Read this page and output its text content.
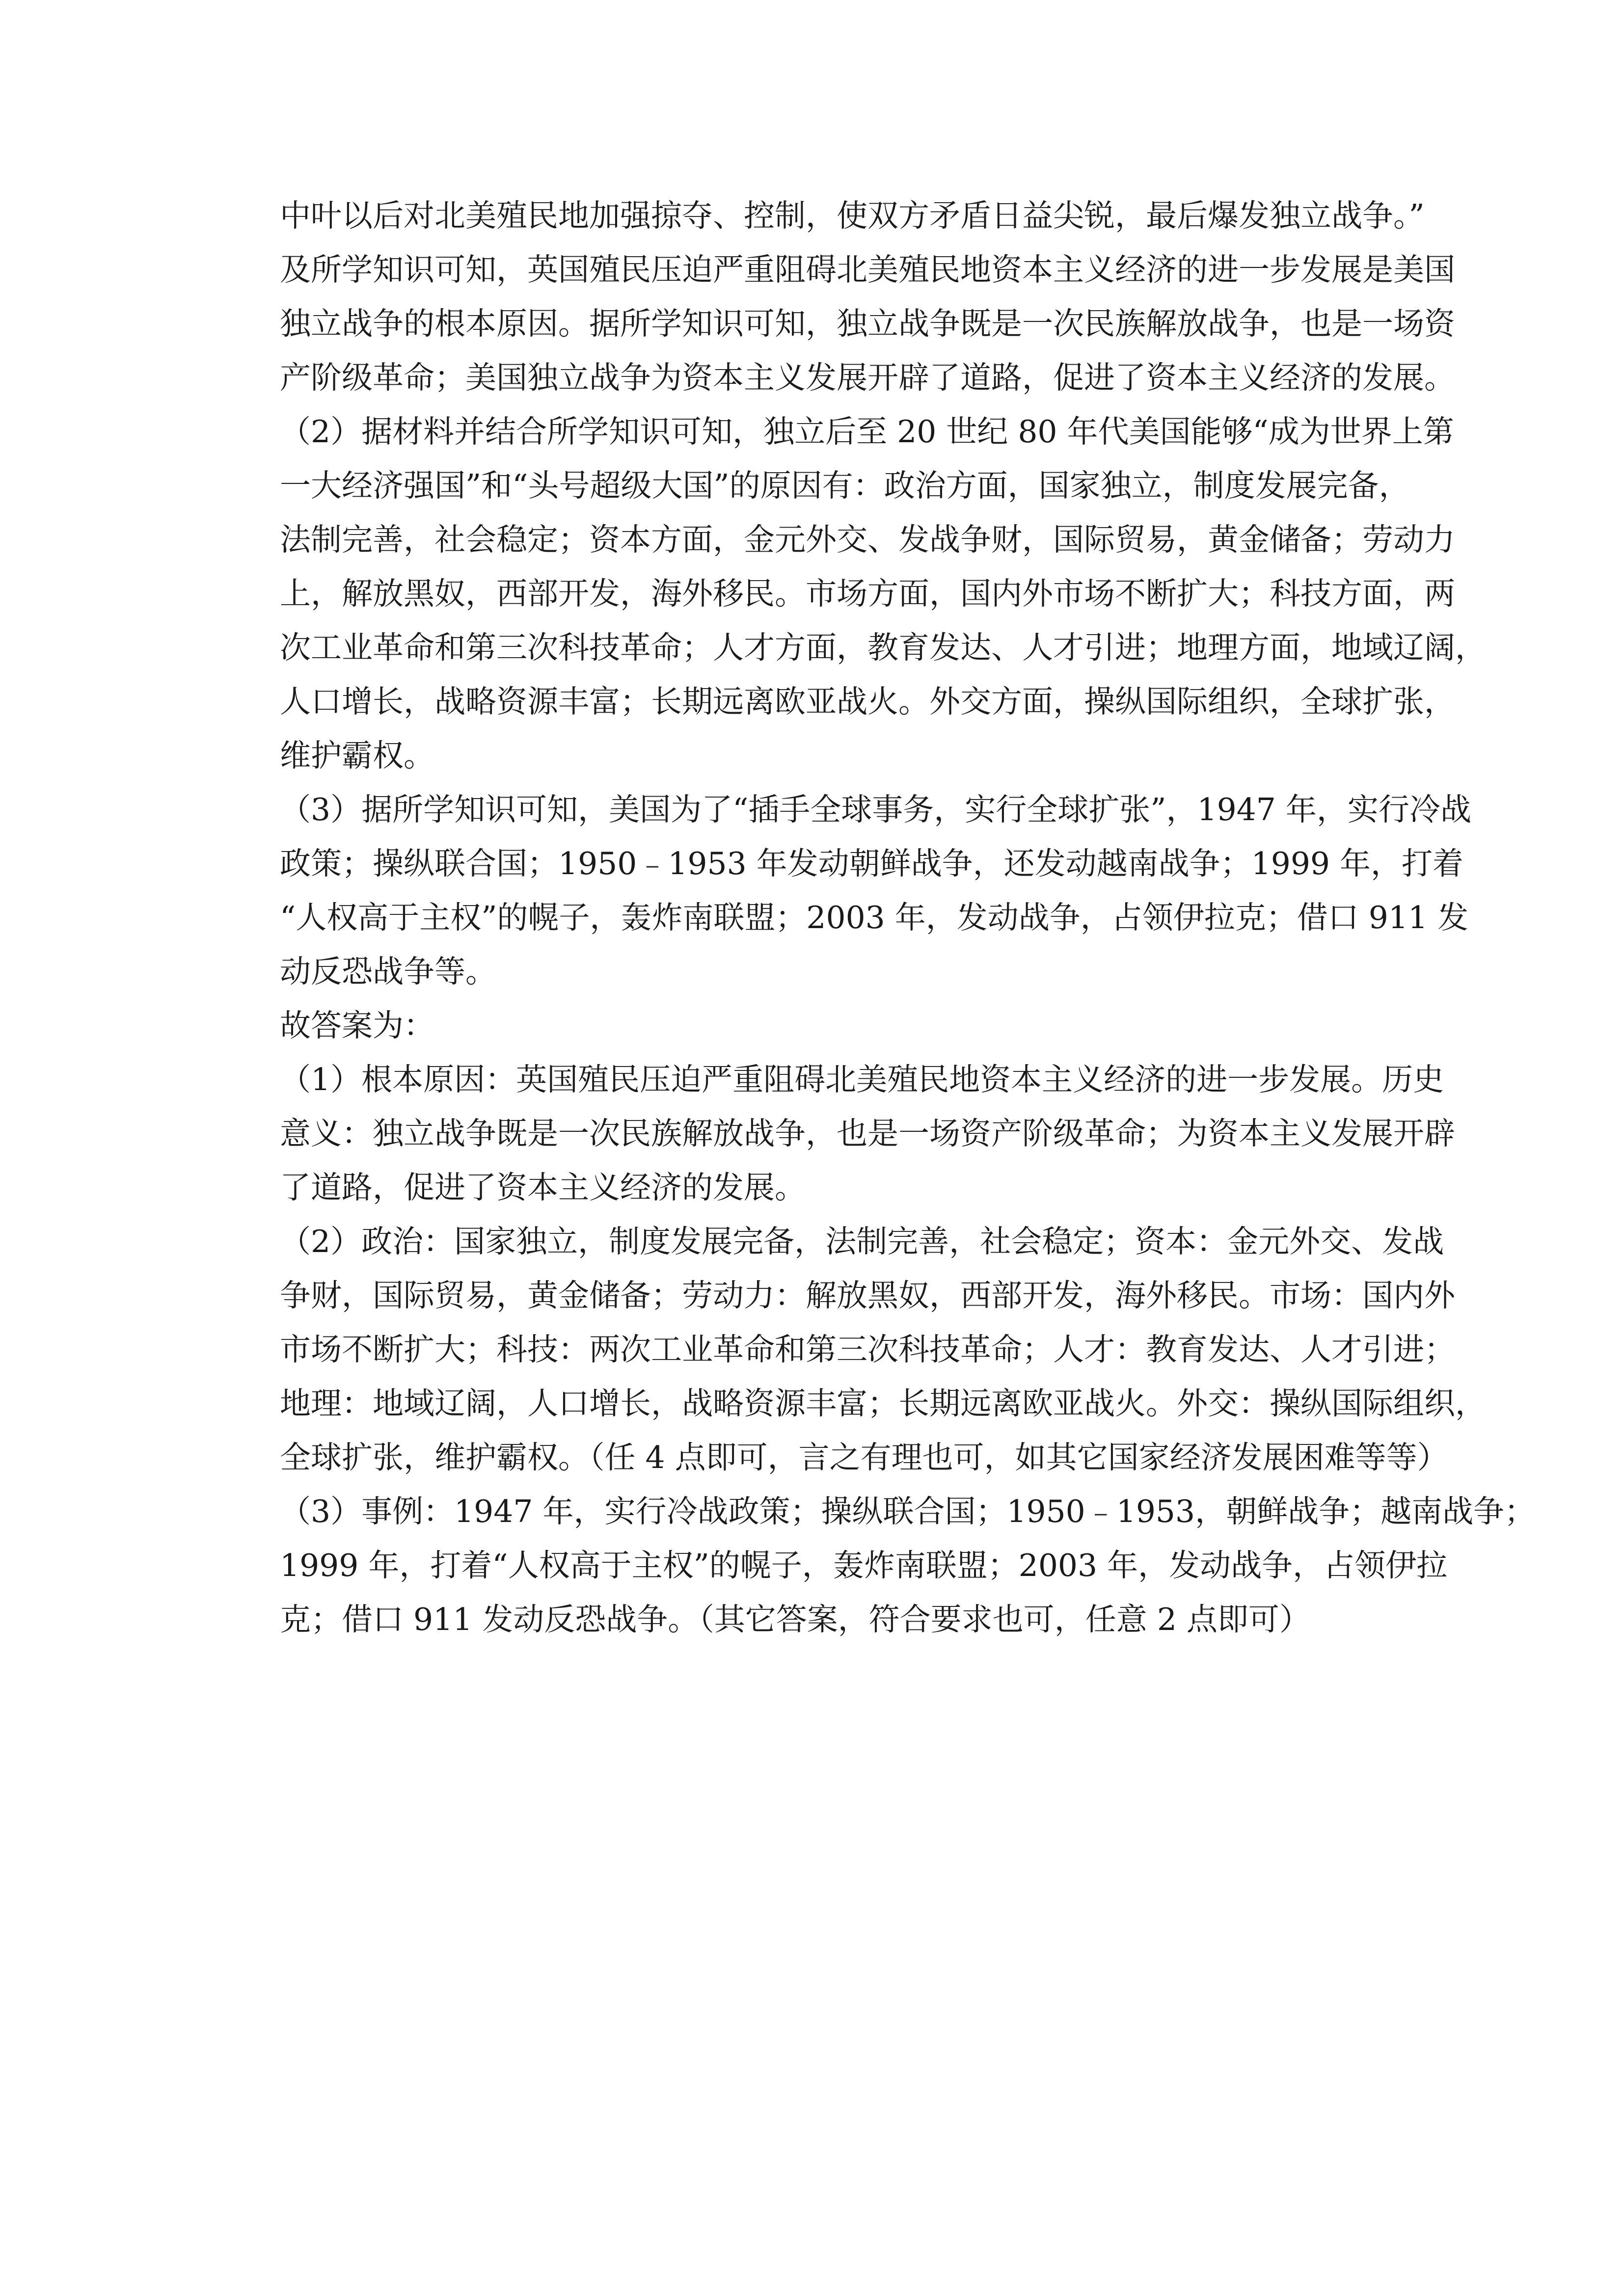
中叶以后对北美殖民地加强掠夺、控制，使双方矛盾日益尖锐，最后爆发独立战争。”

及所学知识可知，英国殖民压迫严重阻碍北美殖民地资本主义经济的进一步发展是美国

独立战争的根本原因。据所学知识可知，独立战争既是一次民族解放战争，也是一场资

产阶级革命；美国独立战争为资本主义发展开辟了道路，促进了资本主义经济的发展。

（2）据材料并结合所学知识可知，独立后至 20 世纪 80 年代美国能够“成为世界上第

一大经济强国”和“头号超级大国”的原因有：政治方面，国家独立，制度发展完备，

法制完善，社会稳定；资本方面，金元外交、发战争财，国际贸易，黄金储备；劳动力

上，解放黑奴，西部开发，海外移民。市场方面，国内外市场不断扩大；科技方面，两

次工业革命和第三次科技革命；人才方面，教育发达、人才引进；地理方面，地域辽阔，

人口增长，战略资源丰富；长期远离欧亚战火。外交方面，操纵国际组织，全球扩张，

维护霸权。

（3）据所学知识可知，美国为了“插手全球事务，实行全球扩张”，1947 年，实行冷战

政策；操纵联合国；1950﹣1953 年发动朝鲜战争，还发动越南战争；1999 年，打着

“人权高于主权”的幌子，轰炸南联盟；2003 年，发动战争，占领伊拉克；借口 911 发

动反恐战争等。

故答案为：

（1）根本原因：英国殖民压迫严重阻碍北美殖民地资本主义经济的进一步发展。历史

意义：独立战争既是一次民族解放战争，也是一场资产阶级革命；为资本主义发展开辟

了道路，促进了资本主义经济的发展。

（2）政治：国家独立，制度发展完备，法制完善，社会稳定；资本：金元外交、发战

争财，国际贸易，黄金储备；劳动力：解放黑奴，西部开发，海外移民。市场：国内外

市场不断扩大；科技：两次工业革命和第三次科技革命；人才：教育发达、人才引进；

地理：地域辽阔，人口增长，战略资源丰富；长期远离欧亚战火。外交：操纵国际组织，

全球扩张，维护霸权。（任 4 点即可，言之有理也可，如其它国家经济发展困难等等）

（3）事例：1947 年，实行冷战政策；操纵联合国；1950﹣1953，朝鲜战争；越南战争；

1999 年，打着“人权高于主权”的幌子，轰炸南联盟；2003 年，发动战争，占领伊拉

克；借口 911 发动反恐战争。（其它答案，符合要求也可，任意 2 点即可）
